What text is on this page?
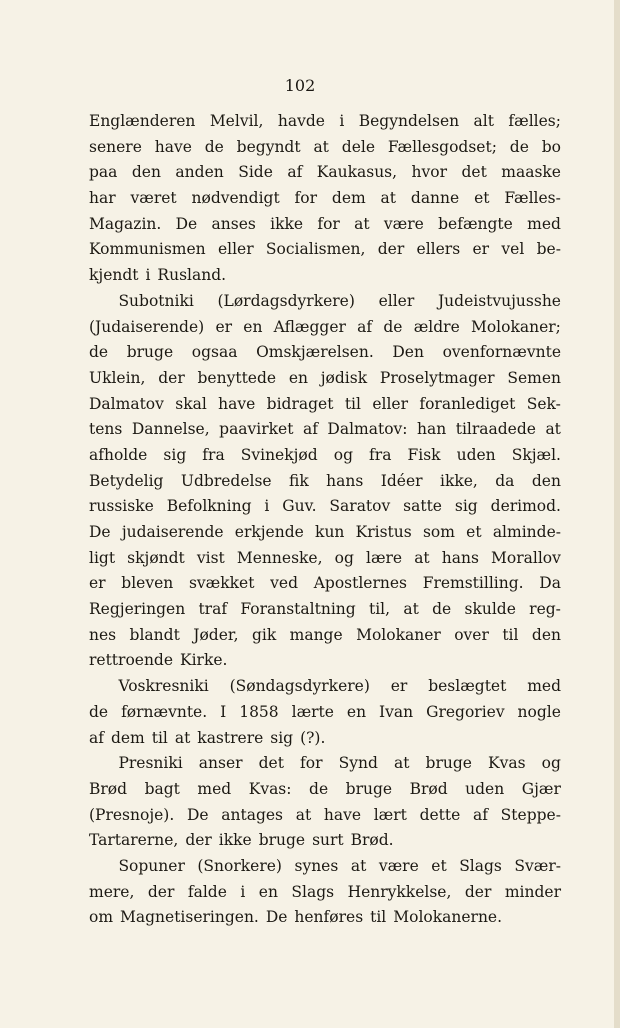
102
Englænderen Melvil, havde i Begyndelsen alt fælles;
senere have de begyndt at dele Fællesgodset; de bo
paa den anden Side af Kaukasus, hvor det maaske
har været nødvendigt for dem at danne et Fælles-
Magazin. De anses ikke for at være befængte med
Kommunismen eller Socialismen, der ellers er vel be-
kjendt i Rusland.
Subotniki (Lørdagsdyrkere) eller Judeistvujusshe
(Judaiserende) er en Aflægger af de ældre Molokaner;
de bruge ogsaa Omskjærelsen. Den ovenfornævnte
Uklein, der benyttede en jødisk Proselytmager Semen
Dalmatov skal have bidraget til eller foranlediget Sek-
tens Dannelse, paavirket af Dalmatov: han tilraadede at
afholde sig fra Svinekjød og fra Fisk uden Skjæl.
Betydelig Udbredelse fik hans Idéer ikke, da den
russiske Befolkning i Guv. Saratov satte sig derimod.
De judaiserende erkjende kun Kristus som et alminde-
ligt skjøndt vist Menneske, og lære at hans Morallov
er bleven svækket ved Apostlernes Fremstilling. Da
Regjeringen traf Foranstaltning til, at de skulde reg-
nes blandt Jøder, gik mange Molokaner over til den
rettroende Kirke.
Voskresniki (Søndagsdyrkere) er beslægtet med
de førnævnte. I 1858 lærte en Ivan Gregoriev nogle
af dem til at kastrere sig (?).
Presniki anser det for Synd at bruge Kvas og
Brød bagt med Kvas: de bruge Brød uden Gjær
(Presnoje). De antages at have lært dette af Steppe-
Tartarerne, der ikke bruge surt Brød.
Sopuner (Snorkere) synes at være et Slags Svær-
mere, der falde i en Slags Henrykkelse, der minder
om Magnetiseringen. De henføres til Molokanerne.
